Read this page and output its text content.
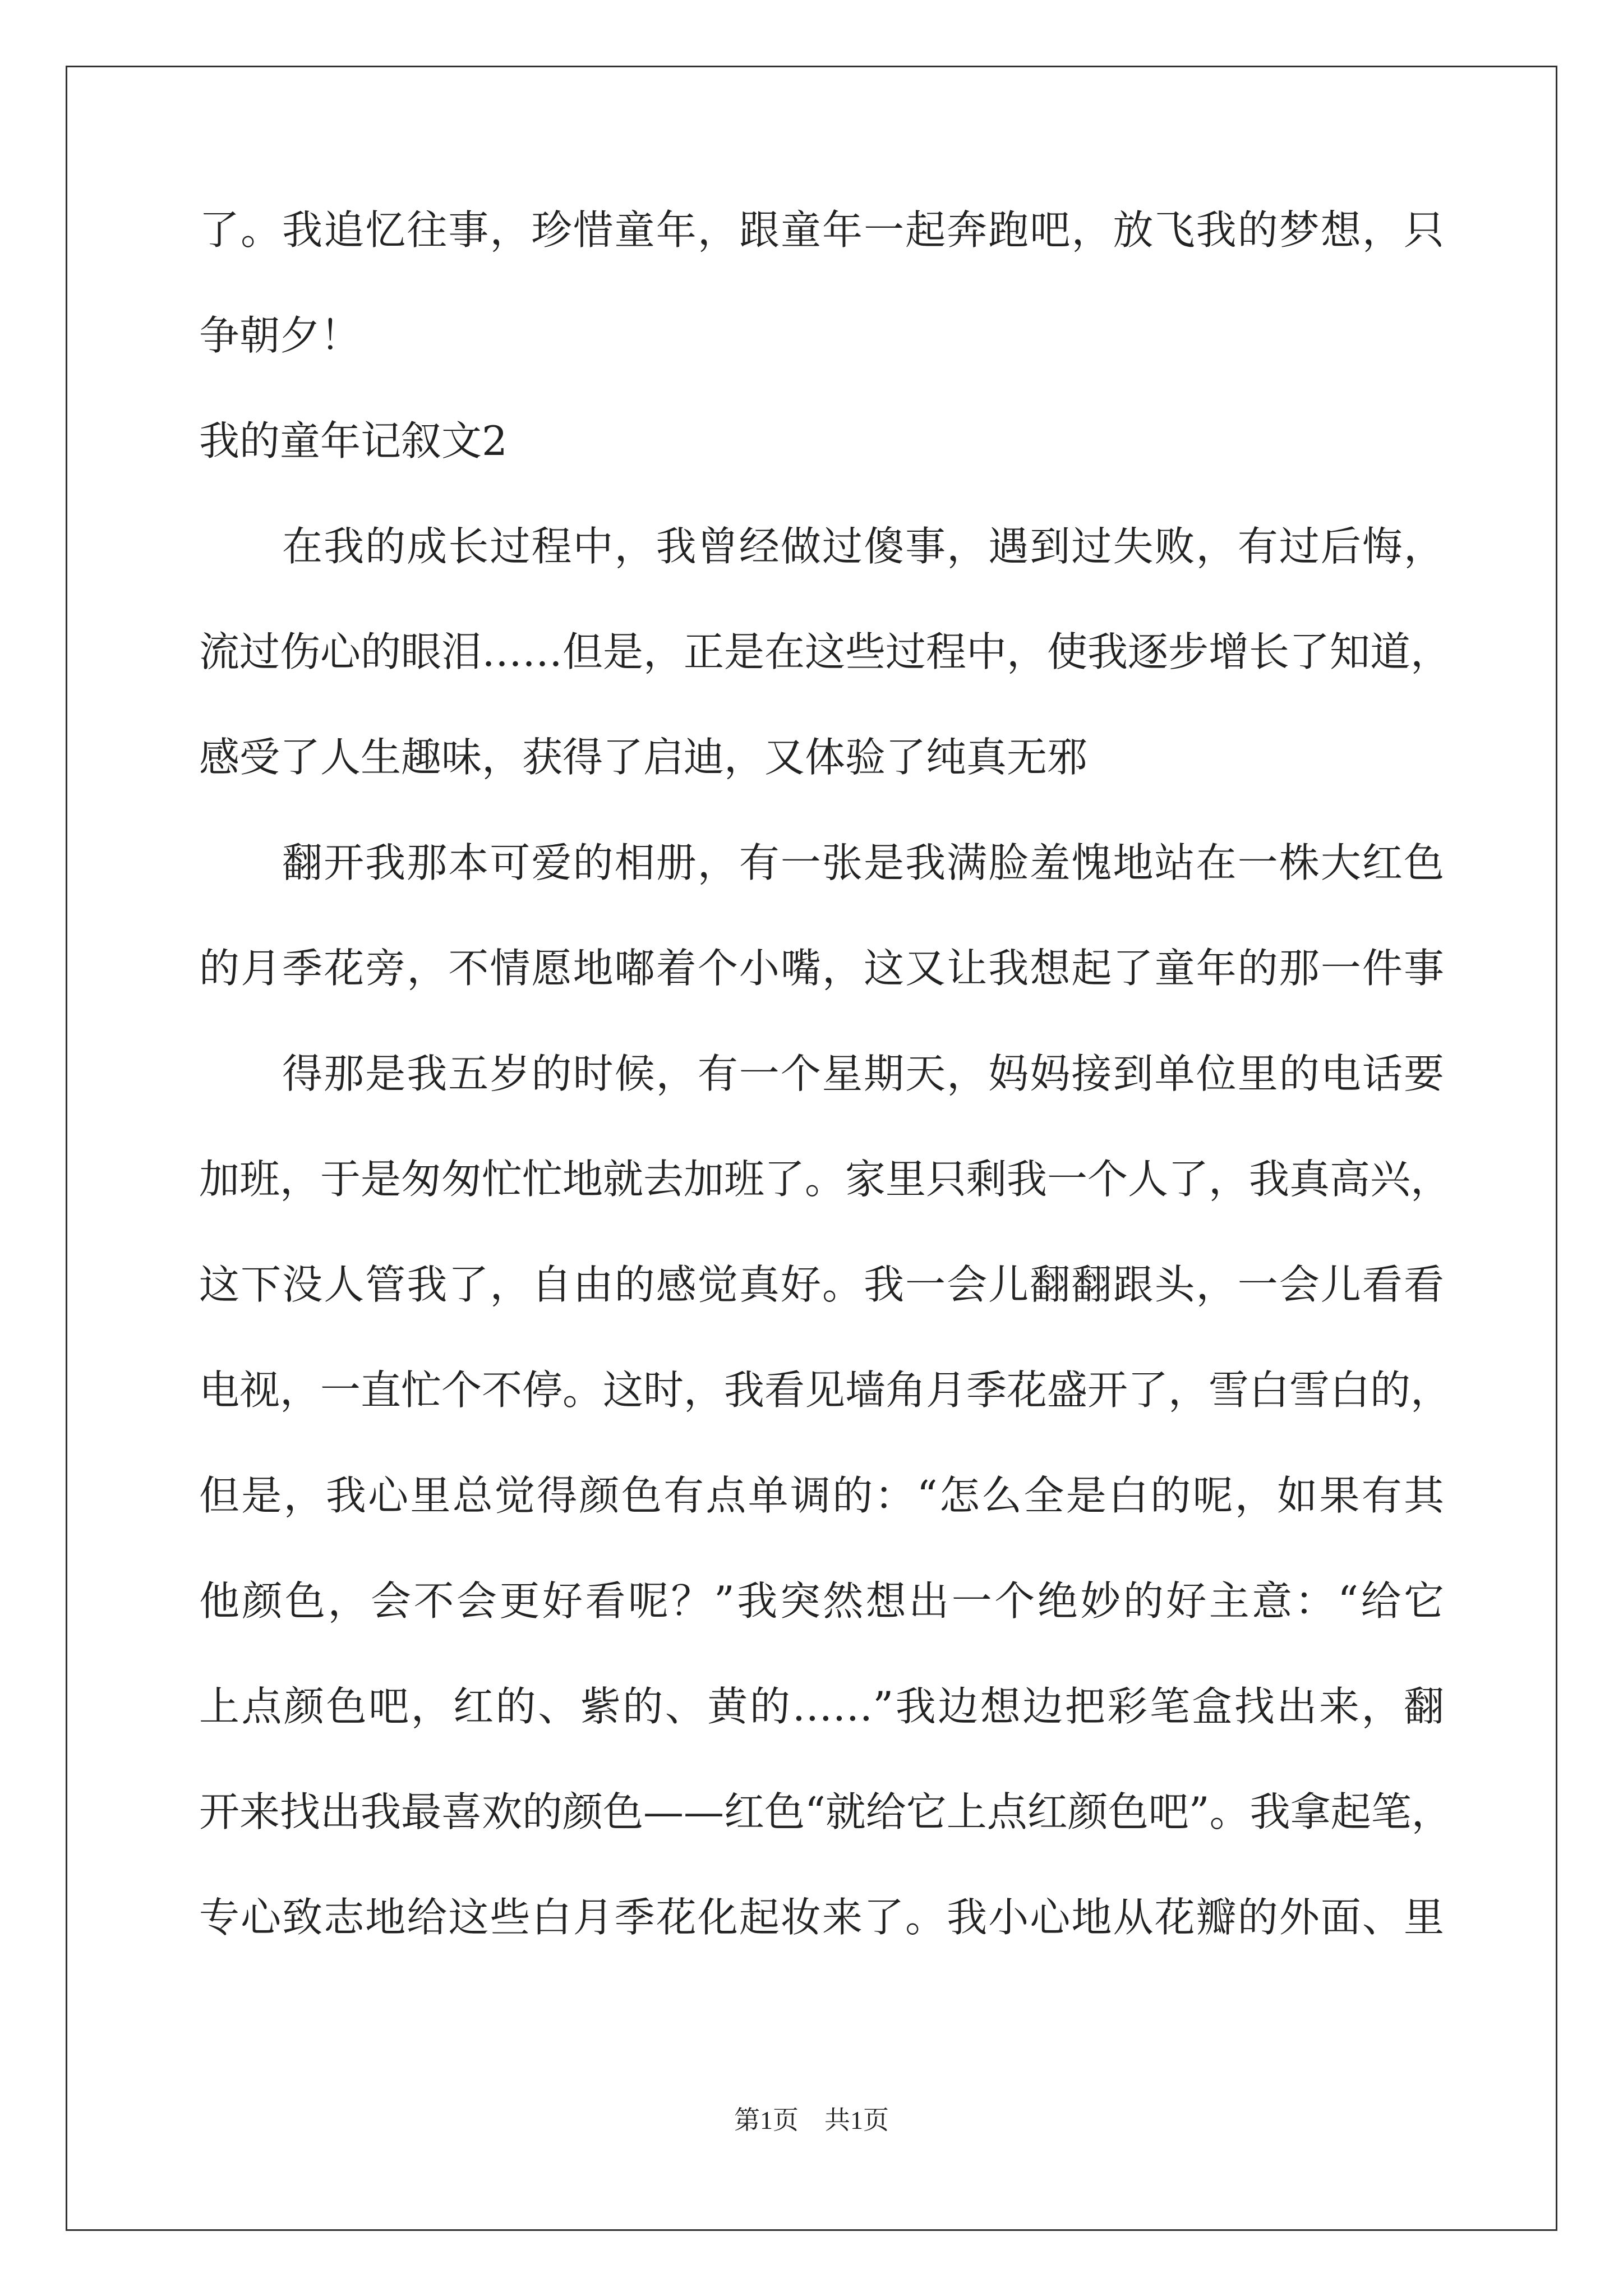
了。我追忆往事，珍惜童年，跟童年一起奔跑吧，放飞我的梦想，只
争朝夕！
我的童年记叙文2
在我的成长过程中，我曾经做过傻事，遇到过失败，有过后悔，
流过伤心的眼泪……但是，正是在这些过程中，使我逐步增长了知道，
感受了人生趣味，获得了启迪，又体验了纯真无邪
翻开我那本可爱的相册，有一张是我满脸羞愧地站在一株大红色
的月季花旁，不情愿地嘟着个小嘴，这又让我想起了童年的那一件事
得那是我五岁的时候，有一个星期天，妈妈接到单位里的电话要
加班，于是匆匆忙忙地就去加班了。家里只剩我一个人了，我真高兴，
这下没人管我了，自由的感觉真好。我一会儿翻翻跟头，一会儿看看
电视，一直忙个不停。这时，我看见墙角月季花盛开了，雪白雪白的，
但是，我心里总觉得颜色有点单调的：“怎么全是白的呢，如果有其
他颜色，会不会更好看呢？”我突然想出一个绝妙的好主意：“给它
上点颜色吧，红的、紫的、黄的……”我边想边把彩笔盒找出来，翻
开来找出我最喜欢的颜色——红色“就给它上点红颜色吧”。我拿起笔，
专心致志地给这些白月季花化起妆来了。我小心地从花瓣的外面、里
第1页　共1页
